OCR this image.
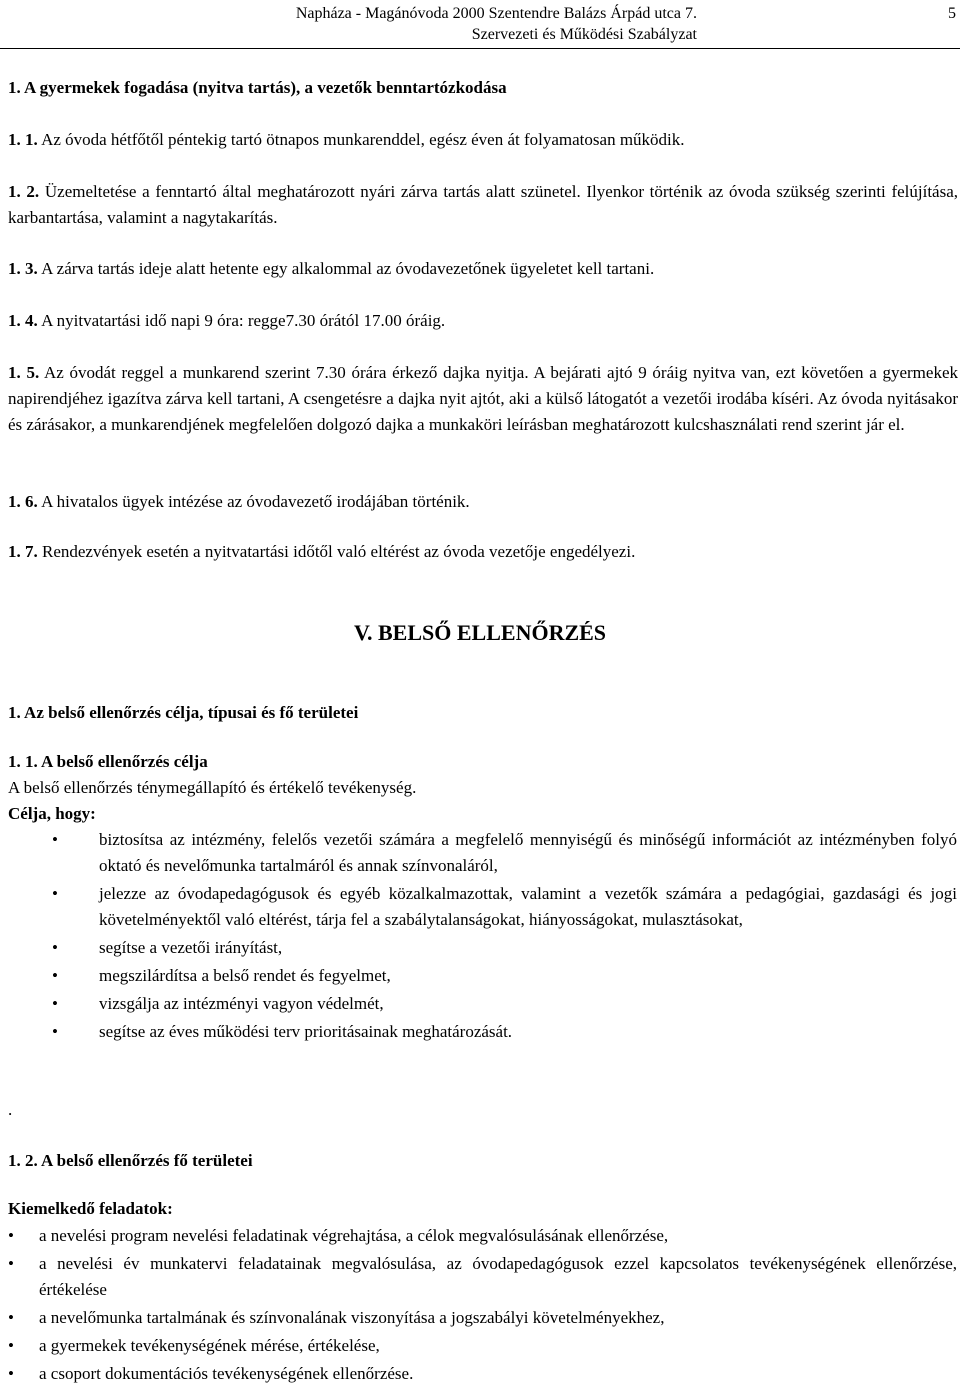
Napháza - Magánóvoda 2000 Szentendre Balázs Árpád utca 7.
Szervezeti és Működési Szabályzat
5
1. A gyermekek fogadása (nyitva tartás), a vezetők benntartózkodása
1. 1. Az óvoda hétfőtől péntekig tartó ötnapos munkarenddel, egész éven át folyamatosan működik.
1. 2. Üzemeltetése a fenntartó által meghatározott nyári zárva tartás alatt szünetel. Ilyenkor történik az óvoda szükség szerinti felújítása, karbantartása, valamint a nagytakarítás.
1. 3. A zárva tartás ideje alatt hetente egy alkalommal az óvodavezetőnek ügyeletet kell tartani.
1. 4. A nyitvatartási idő napi 9 óra: regge7.30 órától 17.00 óráig.
1. 5. Az óvodát reggel a munkarend szerint 7.30 órára érkező dajka nyitja. A bejárati ajtó 9 óráig nyitva van, ezt követően a gyermekek napirendjéhez igazítva zárva kell tartani, A csengetésre a dajka nyit ajtót, aki a külső látogatót a vezetői irodába kíséri. Az óvoda nyitásakor és zárásakor, a munkarendjének megfelelően dolgozó dajka a munkaköri leírásban meghatározott kulcshasználati rend szerint jár el.
1. 6. A hivatalos ügyek intézése az óvodavezető irodájában történik.
1. 7. Rendezvények esetén a nyitvatartási időtől való eltérést az óvoda vezetője engedélyezi.
V. BELSŐ ELLENŐRZÉS
1. Az belső ellenőrzés célja, típusai és fő területei
1. 1. A belső ellenőrzés célja
A belső ellenőrzés ténymegállapító és értékelő tevékenység.
Célja, hogy:
• biztosítsa az intézmény, felelős vezetői számára a megfelelő mennyiségű és minőségű információt az intézményben folyó oktató és nevelőmunka tartalmáról és annak színvonaláról,
• jelezze az óvodapedagógusok és egyéb közalkalmazottak, valamint a vezetők számára a pedagógiai, gazdasági és jogi követelményektől való eltérést, tárja fel a szabálytalanságokat, hiányosságokat, mulasztásokat,
• segítse a vezetői irányítást,
• megszilárdítsa a belső rendet és fegyelmet,
• vizsgálja az intézményi vagyon védelmét,
• segítse az éves működési terv prioritásainak meghatározását.
.
1. 2. A belső ellenőrzés fő területei
Kiemelkedő feladatok:
• a nevelési program nevelési feladatinak végrehajtása, a célok megvalósulásának ellenőrzése,
• a nevelési év munkatervi feladatainak megvalósulása, az óvodapedagógusok ezzel kapcsolatos tevékenységének ellenőrzése, értékelése
• a nevelőmunka tartalmának és színvonalának viszonyítása a jogszabályi követelményekhez,
• a gyermekek tevékenységének mérése, értékelése,
• a csoport dokumentációs tevékenységének ellenőrzése.
